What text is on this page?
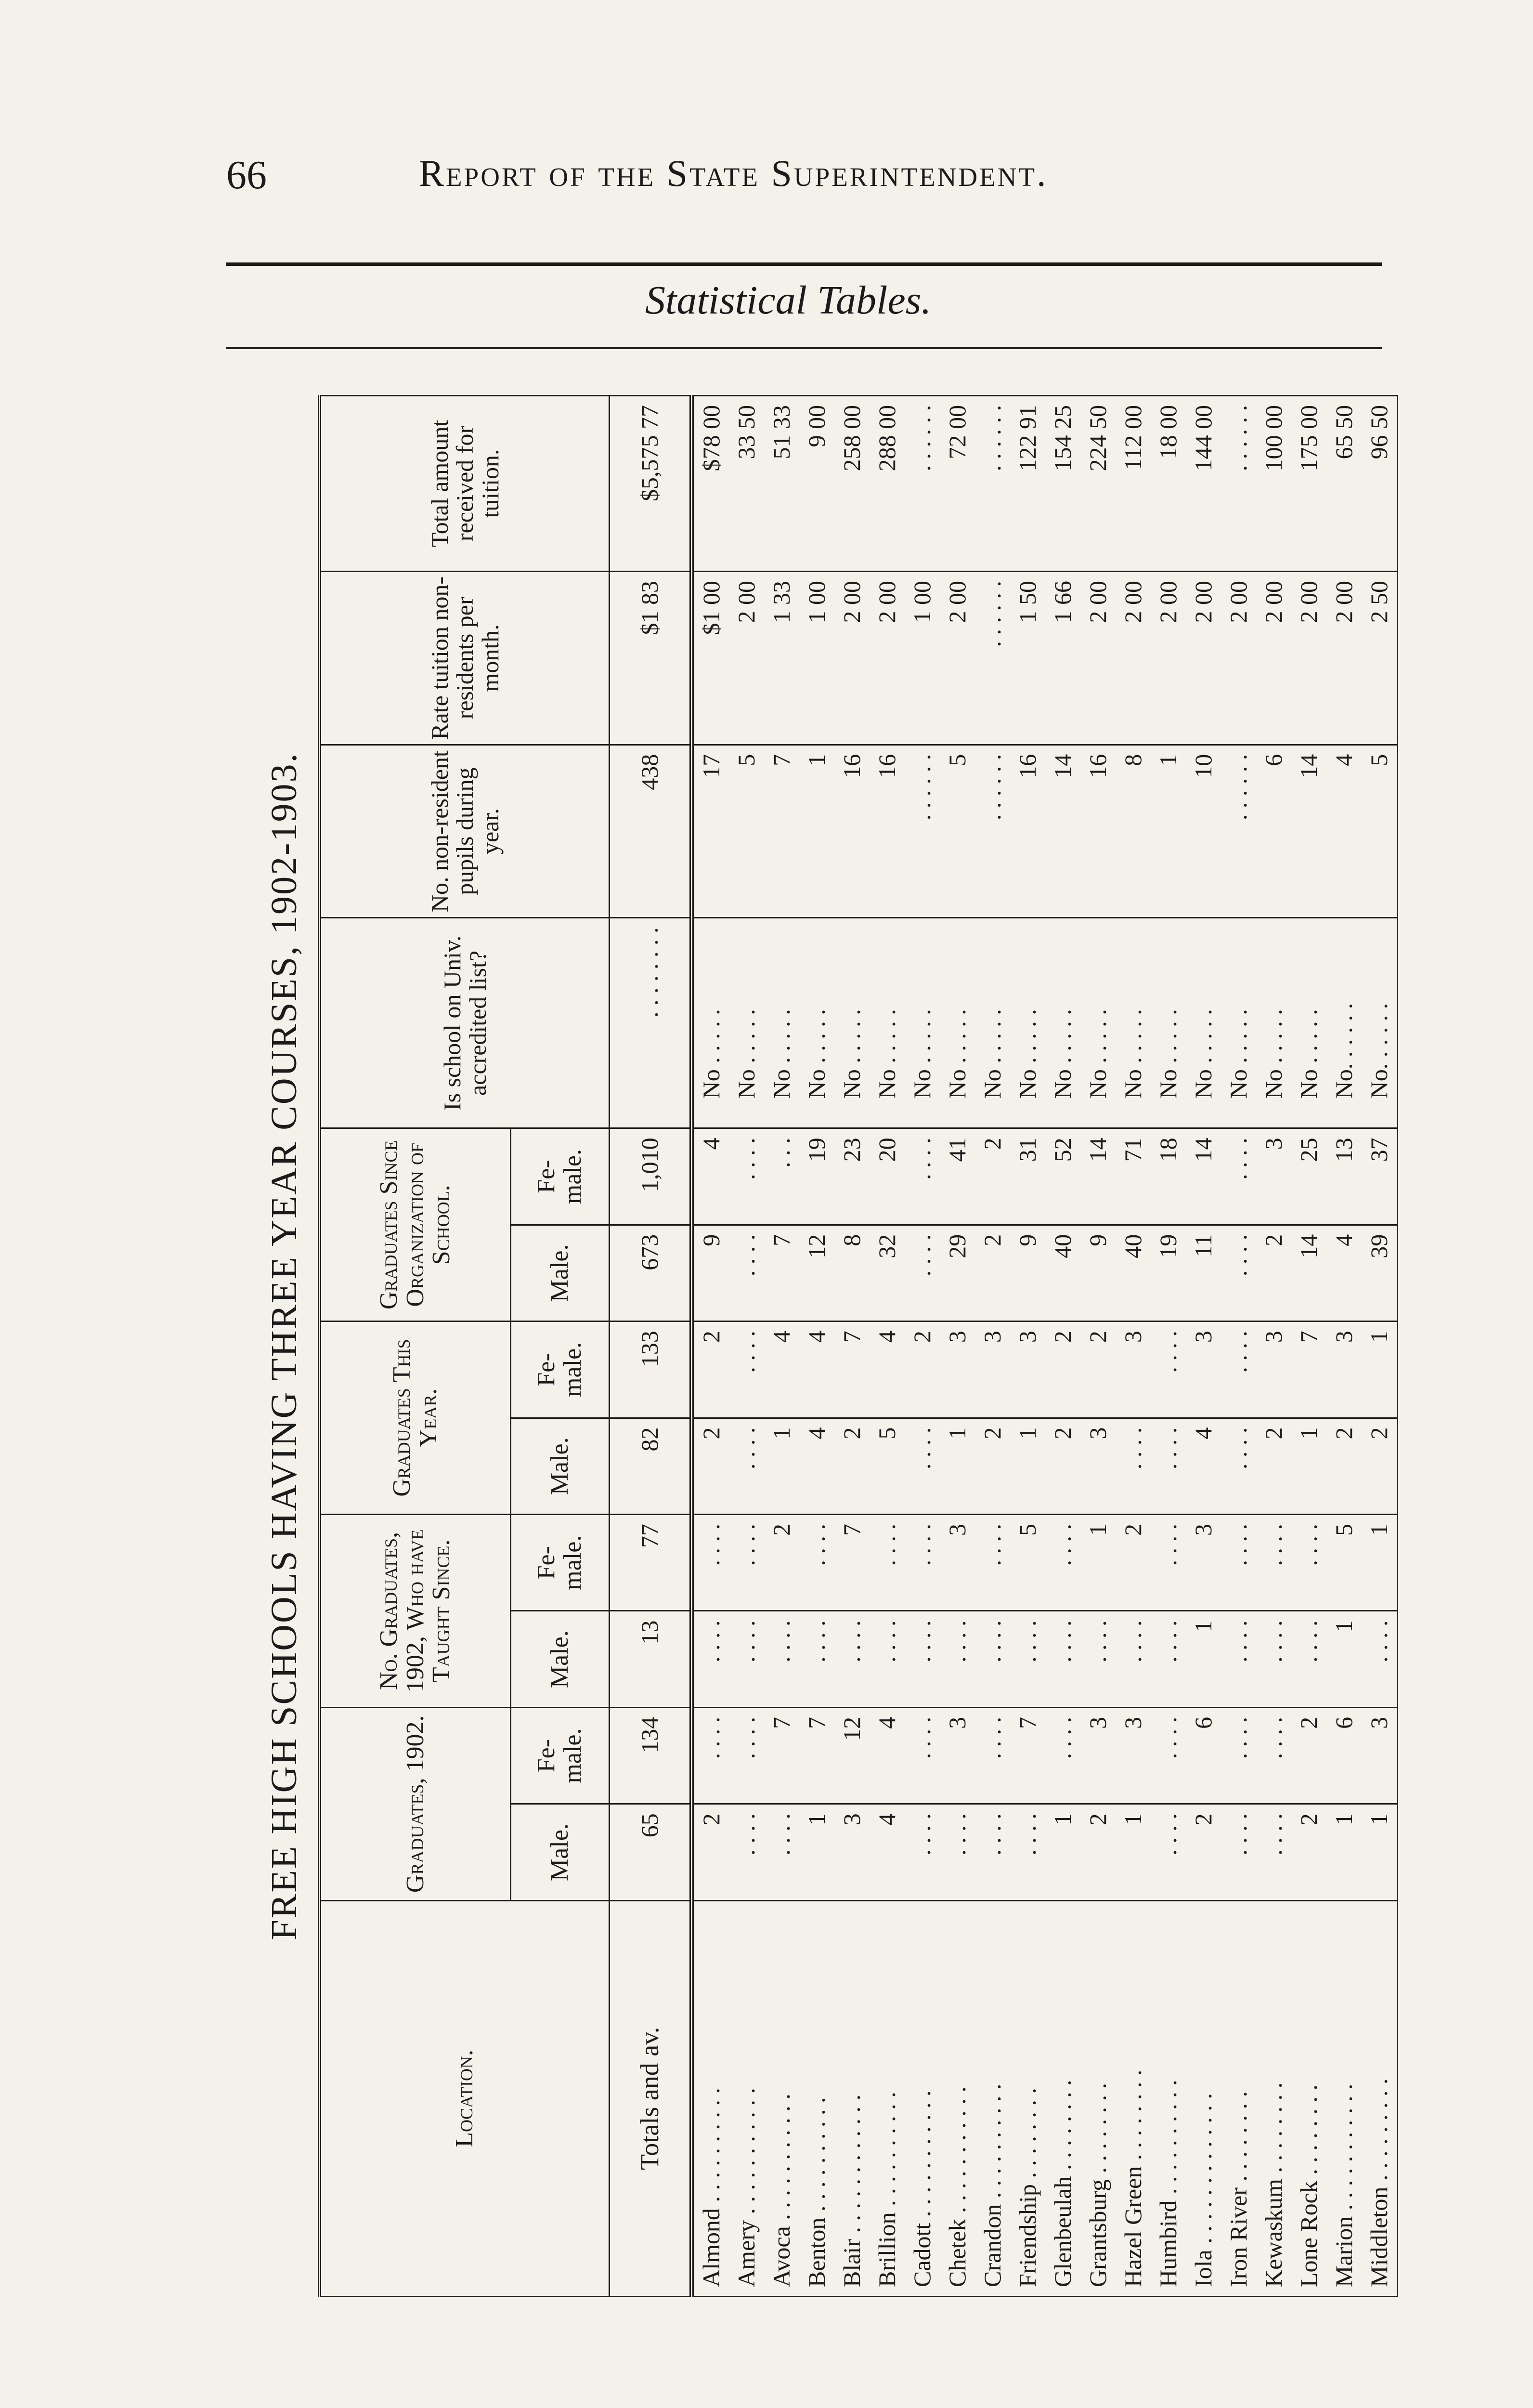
66	Report of the State Superintendent.
Statistical Tables.
FREE HIGH SCHOOLS HAVING THREE YEAR COURSES, 1902-1903.
Location.	Graduates, 1902.		No. Graduates, 1902, Who have Taught Since.		Graduates This Year.		Graduates Since Organization of School.		Is school on Univ. accredited list?	No. non-resident pupils during year.	Rate tuition non-residents per month.	Total amount received for tuition.
	Male.	Fe-male.	Male.	Fe-male.	Male.	Fe-male.	Male.	Fe-male.				
Totals and av.	65	134	13	77	82	133	673	1,010	. . . . . . . .	438	$1 83	$5,575 77
Almond . . . . . . . . . .	2	. . . .	. . . .	. . . .	2	2	9	4	No . . . . .	17	$1 00	$78 00
Amery . . . . . . . . . . .	. . . .	. . . .	. . . .	. . . .	. . . .	. . . .	. . . .	. . . .	No . . . . .	5	2 00	33 50
Avoca . . . . . . . . . . .	. . . .	7	. . . .	2	1	4	7	. . .	No . . . . .	7	1 33	51 33
Benton . . . . . . . . . .	1	7	. . . .	. . . .	4	4	12	19	No . . . . .	1	1 00	9 00
Blair . . . . . . . . . . . .	3	12	. . . .	7	2	7	8	23	No . . . . .	16	2 00	258 00
Brillion . . . . . . . . . .	4	4	. . . .	. . . .	5	4	32	20	No . . . . .	16	2 00	288 00
Cadott . . . . . . . . . . .	. . . .	. . . .	. . . .	. . . .	. . . .	2	. . . .	. . . .	No . . . . .	. . . . . .	1 00	. . . . . .
Chetek . . . . . . . . . . .	. . . .	3	. . . .	3	1	3	29	41	No . . . . .	5	2 00	72 00
Crandon . . . . . . . . . .	. . . .	. . . .	. . . .	. . . .	2	3	2	2	No . . . . .	. . . . . .	. . . . . .	. . . . . .
Friendship . . . . . . . .	. . . .	7	. . . .	5	1	3	9	31	No . . . . .	16	1 50	122 91
Glenbeulah . . . . . . . .	1	. . . .	. . . .	. . . .	2	2	40	52	No . . . . .	14	1 66	154 25
Grantsburg . . . . . . . .	2	3	. . . .	1	3	2	9	14	No . . . . .	16	2 00	224 50
Hazel Green . . . . . . . .	1	3	. . . .	2	. . . .	3	40	71	No . . . . .	8	2 00	112 00
Humbird . . . . . . . . . .	. . . .	. . . .	. . . .	. . . .	. . . .	. . . .	19	18	No . . . . .	1	2 00	18 00
Iola . . . . . . . . . . . . .	2	6	1	3	4	3	11	14	No . . . . .	10	2 00	144 00
Iron River . . . . . . . .	. . . .	. . . .	. . . .	. . . .	. . . .	. . . .	. . . .	. . . .	No . . . . .	. . . . . .	2 00	. . . . . .
Kewaskum . . . . . . . .	. . . .	. . . .	. . . .	. . . .	2	3	2	3	No . . . . .	6	2 00	100 00
Lone Rock . . . . . . . .	2	2	. . . .	. . . .	1	7	14	25	No . . . . .	14	2 00	175 00
Marion . . . . . . . . . . .	1	6	1	5	2	3	4	13	No. . . . . .	4	2 00	65 50
Middleton . . . . . . . . .	1	3	. . . .	1	2	1	39	37	No. . . . . .	5	2 50	96 50
